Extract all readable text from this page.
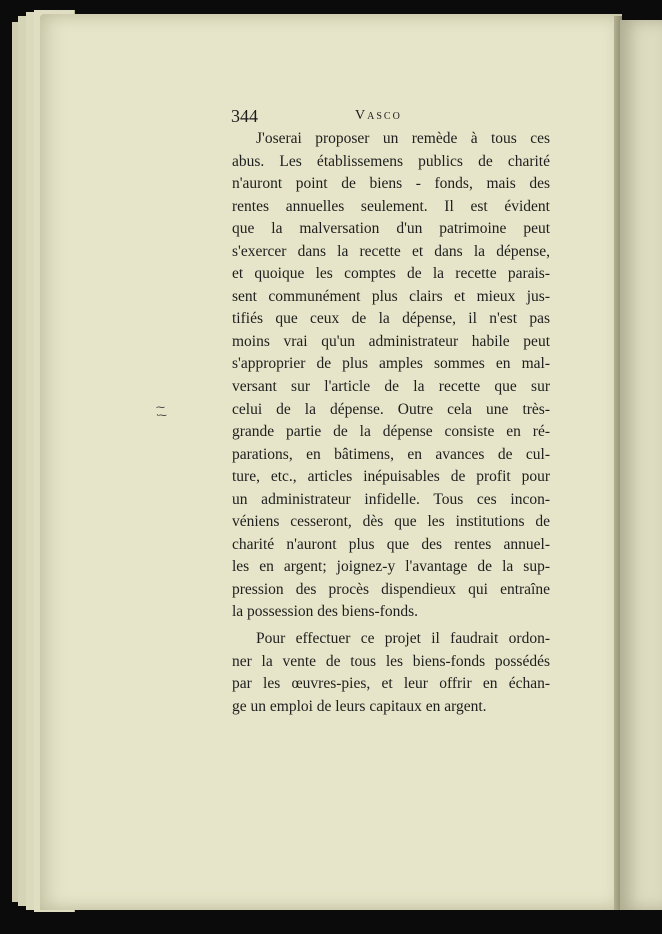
⁓
·⁓
344	Vasco
J'oserai proposer un remède à tous ces
abus. Les établissemens publics de charité
n'auront point de biens - fonds, mais des
rentes annuelles seulement. Il est évident
que la malversation d'un patrimoine peut
s'exercer dans la recette et dans la dépense,
et quoique les comptes de la recette parais-
sent communément plus clairs et mieux jus-
tifiés que ceux de la dépense, il n'est pas
moins vrai qu'un administrateur habile peut
s'approprier de plus amples sommes en mal-
versant sur l'article de la recette que sur
celui de la dépense. Outre cela une très-
grande partie de la dépense consiste en ré-
parations, en bâtimens, en avances de cul-
ture, etc., articles inépuisables de profit pour
un administrateur infidelle. Tous ces incon-
véniens cesseront, dès que les institutions de
charité n'auront plus que des rentes annuel-
les en argent; joignez-y l'avantage de la sup-
pression des procès dispendieux qui entraîne
la possession des biens-fonds.
Pour effectuer ce projet il faudrait ordon-
ner la vente de tous les biens-fonds possédés
par les œuvres-pies, et leur offrir en échan-
ge un emploi de leurs capitaux en argent.
